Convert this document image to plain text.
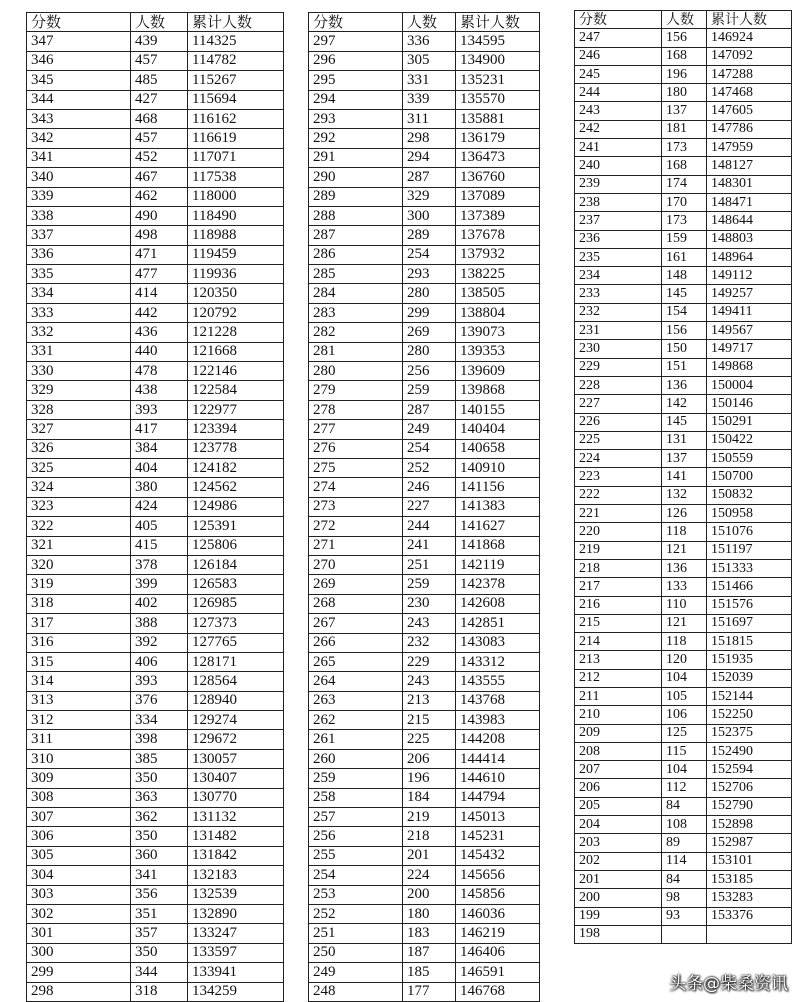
分数	人数	累计人数
347	439	114325
346	457	114782
345	485	115267
344	427	115694
343	468	116162
342	457	116619
341	452	117071
340	467	117538
339	462	118000
338	490	118490
337	498	118988
336	471	119459
335	477	119936
334	414	120350
333	442	120792
332	436	121228
331	440	121668
330	478	122146
329	438	122584
328	393	122977
327	417	123394
326	384	123778
325	404	124182
324	380	124562
323	424	124986
322	405	125391
321	415	125806
320	378	126184
319	399	126583
318	402	126985
317	388	127373
316	392	127765
315	406	128171
314	393	128564
313	376	128940
312	334	129274
311	398	129672
310	385	130057
309	350	130407
308	363	130770
307	362	131132
306	350	131482
305	360	131842
304	341	132183
303	356	132539
302	351	132890
301	357	133247
300	350	133597
299	344	133941
298	318	134259
分数	人数	累计人数
297	336	134595
296	305	134900
295	331	135231
294	339	135570
293	311	135881
292	298	136179
291	294	136473
290	287	136760
289	329	137089
288	300	137389
287	289	137678
286	254	137932
285	293	138225
284	280	138505
283	299	138804
282	269	139073
281	280	139353
280	256	139609
279	259	139868
278	287	140155
277	249	140404
276	254	140658
275	252	140910
274	246	141156
273	227	141383
272	244	141627
271	241	141868
270	251	142119
269	259	142378
268	230	142608
267	243	142851
266	232	143083
265	229	143312
264	243	143555
263	213	143768
262	215	143983
261	225	144208
260	206	144414
259	196	144610
258	184	144794
257	219	145013
256	218	145231
255	201	145432
254	224	145656
253	200	145856
252	180	146036
251	183	146219
250	187	146406
249	185	146591
248	177	146768
分数	人数	累计人数
247	156	146924
246	168	147092
245	196	147288
244	180	147468
243	137	147605
242	181	147786
241	173	147959
240	168	148127
239	174	148301
238	170	148471
237	173	148644
236	159	148803
235	161	148964
234	148	149112
233	145	149257
232	154	149411
231	156	149567
230	150	149717
229	151	149868
228	136	150004
227	142	150146
226	145	150291
225	131	150422
224	137	150559
223	141	150700
222	132	150832
221	126	150958
220	118	151076
219	121	151197
218	136	151333
217	133	151466
216	110	151576
215	121	151697
214	118	151815
213	120	151935
212	104	152039
211	105	152144
210	106	152250
209	125	152375
208	115	152490
207	104	152594
206	112	152706
205	84	152790
204	108	152898
203	89	152987
202	114	153101
201	84	153185
200	98	153283
199	93	153376
198		
头条@柴桑资讯
